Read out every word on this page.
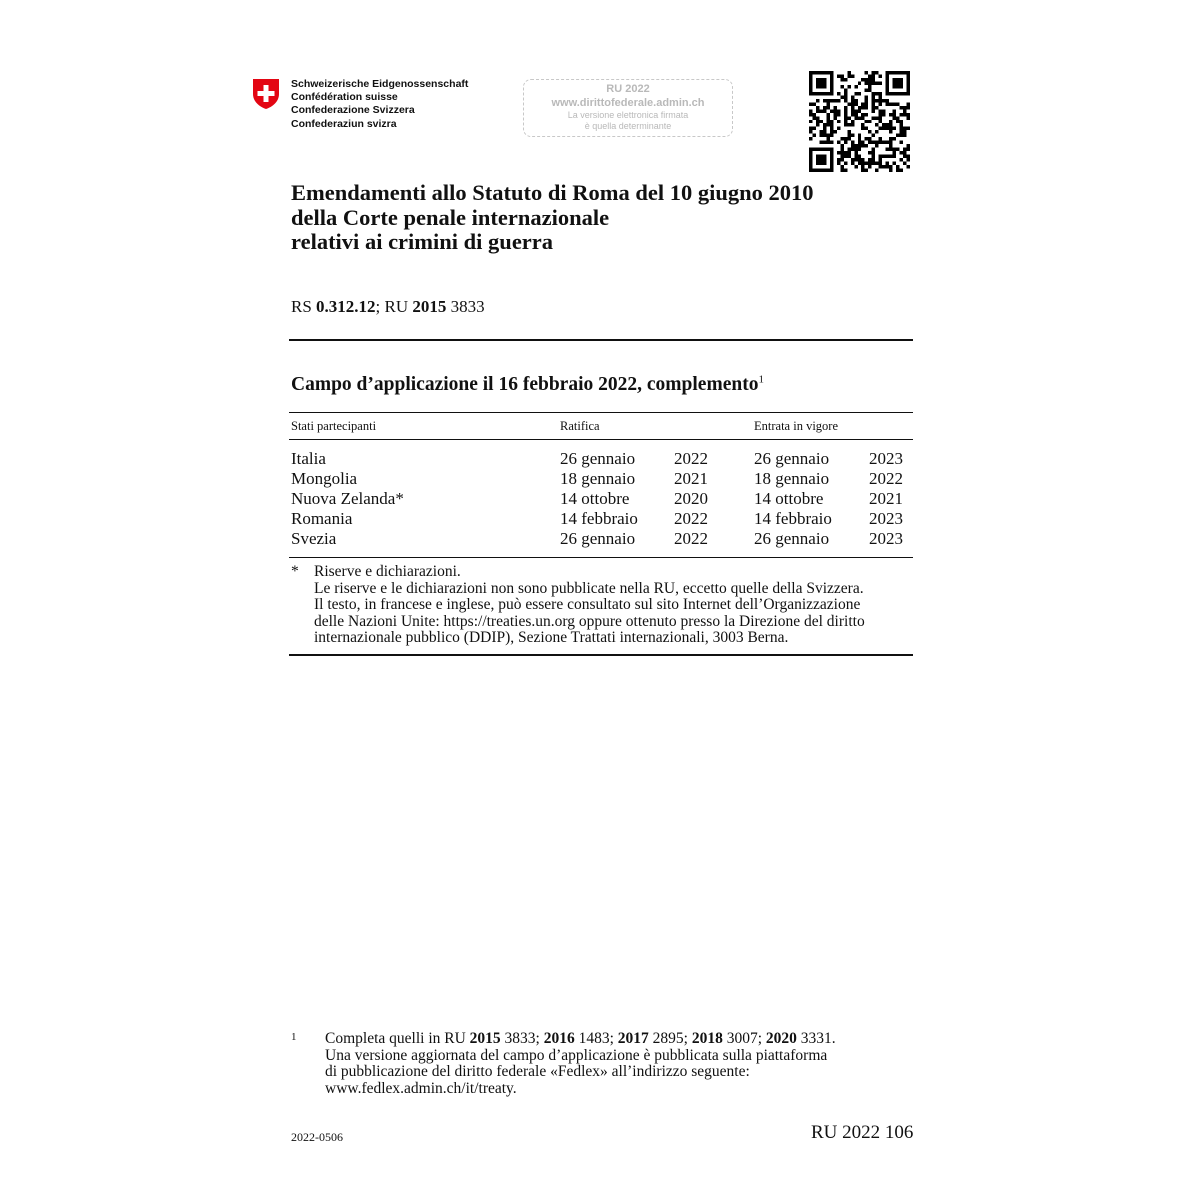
Schweizerische Eidgenossenschaft
Confédération suisse
Confederazione Svizzera
Confederaziun svizra
RU 2022
www.dirittofederale.admin.ch
La versione elettronica firmata
è quella determinante
Emendamenti allo Statuto di Roma del 10 giugno 2010
della Corte penale internazionale
relativi ai crimini di guerra
RS 0.312.12; RU 2015 3833
Campo d’applicazione il 16 febbraio 2022, complemento$^1$
Stati partecipanti	Ratifica	Entrata in vigore
Italia	26 gennaio 2022	26 gennaio 2023
Mongolia	18 gennaio 2021	18 gennaio 2022
Nuova Zelanda*	14 ottobre	2020	14 ottobre	2021
Romania	14 febbraio 2022	14 febbraio 2023
Svezia	26 gennaio 2022	26 gennaio 2023
* Riserve e dichiarazioni.
Le riserve e le dichiarazioni non sono pubblicate nella RU, eccetto quelle della Svizzera.
Il testo, in francese e inglese, può essere consultato sul sito Internet dell’Organizzazione
delle Nazioni Unite: https://treaties.un.org oppure ottenuto presso la Direzione del diritto
internazionale pubblico (DDIP), Sezione Trattati internazionali, 3003 Berna.
1 Completa quelli in RU 2015 3833; 2016 1483; 2017 2895; 2018 3007; 2020 3331.
Una versione aggiornata del campo d’applicazione è pubblicata sulla piattaforma
di pubblicazione del diritto federale «Fedlex» all’indirizzo seguente:
www.fedlex.admin.ch/it/treaty.
2022-0506	RU 2022 106
